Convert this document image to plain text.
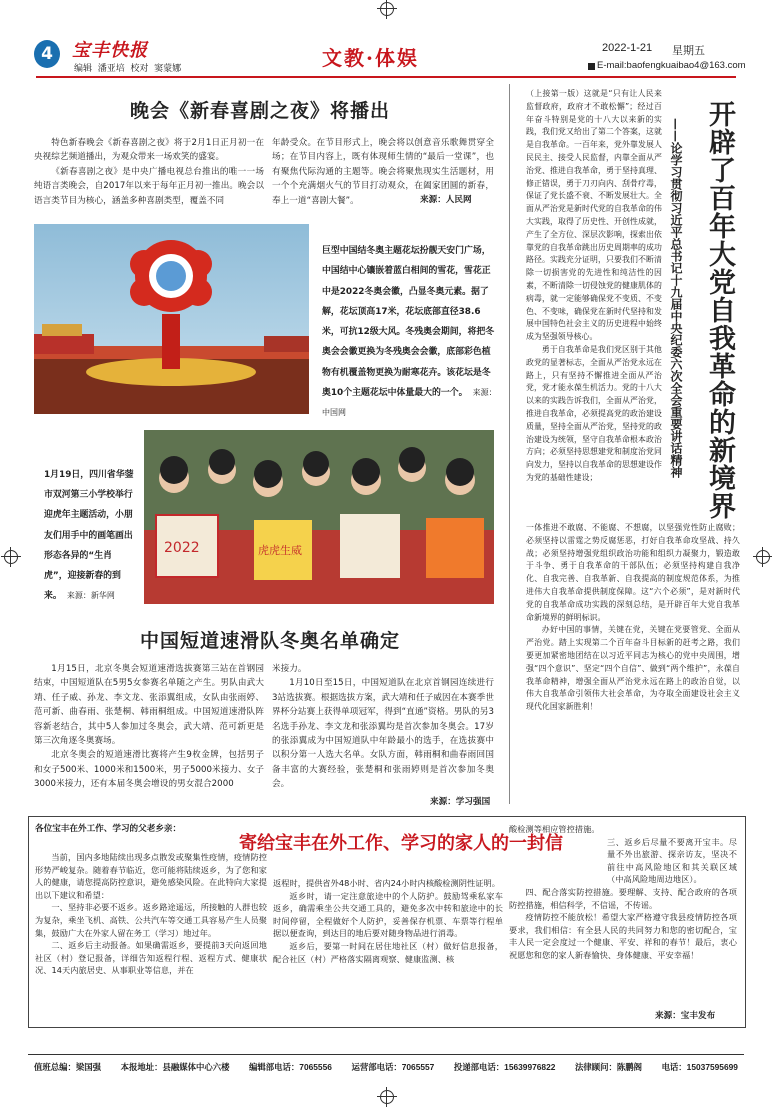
4	宝丰快报
编辑  潘亚培  校对  窦蒙娜	文教·体娱	2022-1-21 星期五
E-mail:baofengkuaibao4@163.com
晚会《新春喜剧之夜》将播出

特色新春晚会《新春喜剧之夜》将于2月1日正月初一在央视综艺频道播出，为观众带来一场欢笑的盛宴。

《新春喜剧之夜》是中央广播电视总台推出的唯一一场纯语言类晚会，自2017年以来于每年正月初一推出。晚会以语言类节目为核心，涵盖多种喜剧类型，覆盖不同

年龄受众。在节目形式上，晚会将以创意音乐歌舞贯穿全场；在节目内容上，既有体现师生情的“最后一堂课”，也有聚焦代际沟通的主题等。晚会将聚焦现实生活题材，用一个个充满烟火气的节目打动观众，在阖家团圆的新春，奉上一道“喜剧大餐”。	来源：人民网
巨型中国结冬奥主题花坛扮靓天安门广场，中国结中心镶嵌着蓝白相间的雪花，雪花正中是2022冬奥会徽，凸显冬奥元素。据了解，花坛顶高17米，花坛底部直径38.6米，可抗12级大风。冬残奥会期间，将把冬奥会会徽更换为冬残奥会会徽，底部彩色植物有机覆盖物更换为耐寒花卉。该花坛是冬奥10个主题花坛中体量最大的一个。 来源：中国网
虎虎生威
2022
1月19日，四川省华蓥市双河第三小学校举行迎虎年主题活动，小朋友们用手中的画笔画出形态各异的“生肖虎”，迎接新春的到来。 来源：新华网
中国短道速滑队冬奥名单确定

1月15日，北京冬奥会短道速滑选拔赛第三站在首钢园结束，中国短道队在5男5女参赛名单随之产生。男队由武大靖、任子威、孙龙、李文龙、张添翼组成，女队由张雨婷、范可新、曲春雨、张楚桐、韩雨桐组成。中国短道速滑队阵容新老结合，其中5人参加过冬奥会，武大靖、范可新更是第三次角逐冬奥赛场。

北京冬奥会的短道速滑比赛将产生9枚金牌，包括男子和女子500米、1000米和1500米，男子5000米接力、女子3000米接力，还有本届冬奥会增设的男女混合2000

米接力。

1月10日至15日，中国短道队在北京首钢园连续进行3站选拔赛。根据选拔方案，武大靖和任子威因在本赛季世界杯分站赛上获得单项冠军，得到“直通”资格。男队的另3名选手孙龙、李文龙和张添翼均是首次参加冬奥会。17岁的张添翼成为中国短道队中年龄最小的选手，在选拔赛中以积分第一人选大名单。女队方面，韩雨桐和曲春雨回国备丰富的大赛经验，张楚桐和张雨婷则是首次参加冬奥会。

来源：学习强国
开辟了百年大党自我革命的新境界
——论学习贯彻习近平总书记十九届中央纪委六次全会重要讲话精神

（上接第一版）这就是“只有让人民来监督政府，政府才不敢松懈”；经过百年奋斗特别是党的十八大以来新的实践，我们党又给出了第二个答案，这就是自我革命。一百年来，党外靠发展人民民主、接受人民监督，内靠全面从严治党、推进自我革命，勇于坚持真理、修正错误，勇于刀刃向内、刮骨疗毒，保证了党长盛不衰、不断发展壮大。全面从严治党是新时代党的自我革命的伟大实践，取得了历史性、开创性成就，产生了全方位、深层次影响，探索出依靠党的自我革命跳出历史周期率的成功路径。实践充分证明，只要我们不断清除一切损害党的先进性和纯洁性的因素，不断清除一切侵蚀党的健康肌体的病毒，就一定能够确保党不变质、不变色、不变味，确保党在新时代坚持和发展中国特色社会主义的历史进程中始终成为坚强领导核心。

勇于自我革命是我们党区别于其他政党的显著标志，全面从严治党永远在路上，只有坚持不懈推进全面从严治党，党才能永葆生机活力。党的十八大以来的实践告诉我们，全面从严治党，推进自我革命，必须提高党的政治建设质量，坚持全面从严治党，坚持党的政治建设为统领，坚守自我革命根本政治方向；必须坚持思想建党和制度治党同向发力，坚持以自我革命的思想建设作为党的基础性建设；

一体推进不敢腐、不能腐、不想腐，以坚强党性防止腐败；必须坚持以雷霆之势反腐惩恶，打好自我革命攻坚战、持久战；必须坚持增强党组织政治功能和组织力凝聚力，锻造敢于斗争、勇于自我革命的干部队伍；必须坚持构建自我净化、自我完善、自我革新、自我提高的制度规范体系，为推进伟大自我革命提供制度保障。这“六个必须”，是对新时代党的自我革命成功实践的深刻总结，是开辟百年大党自我革命新境界的鲜明标识。

办好中国的事情，关键在党，关键在党要管党、全面从严治党。踏上实现第二个百年奋斗目标新的赶考之路，我们要更加紧密地团结在以习近平同志为核心的党中央周围，增强“四个意识”、坚定“四个自信”、做到“两个维护”，永葆自我革命精神，增强全面从严治党永远在路上的政治自觉，以伟大自我革命引领伟大社会革命，为夺取全面建设社会主义现代化国家新胜利！

寄给宝丰在外工作、学习的家人的一封信
各位宝丰在外工作、学习的父老乡亲：

当前，国内多地陆续出现多点散发或聚集性疫情，疫情防控形势严峻复杂。随着春节临近，您可能将陆续返乡，为了您和家人的健康，请您提高防控意识，避免感染风险。在此特向大家提出以下建议和希望：

一、坚持非必要不返乡。返乡路途遥远，所接触的人群也较为复杂，乘坐飞机、高铁、公共汽车等交通工具容易产生人员聚集，鼓励广大在外家人留在务工（学习）地过年。

二、返乡后主动报备。如果确需返乡，要提前3天向返回地社区（村）登记报备，详细告知返程行程、返程方式、健康状况、14天内旅居史、从事职业等信息，并在

返程时，提供省外48小时、省内24小时内核酸检测阴性证明。

返乡时，请一定注意旅途中的个人防护。鼓励驾乘私家车返乡，确需乘坐公共交通工具的，避免多次中转和旅途中的长时间停留，全程做好个人防护，妥善保存机票、车票等行程单据以便查询，到达目的地后要对随身物品进行消毒。

返乡后，要第一时间在居住地社区（村）做好信息报备，配合社区（村）严格落实隔离观察、健康监测、核

酸检测等相应管控措施。

三、返乡后尽量不要离开宝丰。尽量不外出旅游、探亲访友，坚决不前往中高风险地区和其关联区域（中高风险地周边地区）。

四、配合落实防控措施。要理解、支持、配合政府的各项防控措施，相信科学，不信谣，不传谣。

疫情防控不能放松！希望大家严格遵守我县疫情防控各项要求，我们相信：有全县人民的共同努力和您的密切配合，宝丰人民一定会度过一个健康、平安、祥和的春节！最后，衷心祝愿您和您的家人新春愉快、身体健康、平安幸福！

来源：宝丰发布
值班总编：梁国强 本报地址：县融媒体中心六楼 编辑部电话：7065556 运营部电话：7065557 投递部电话：15639976822 法律顾问：陈鹏阁 电话：15037595699
